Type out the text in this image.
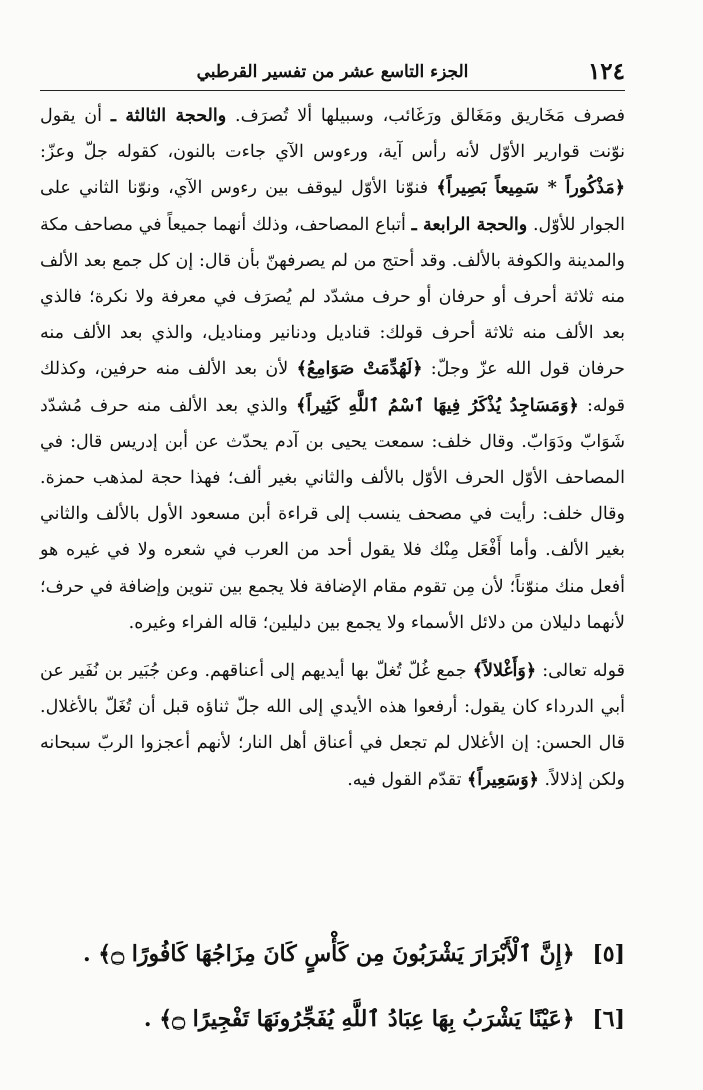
١٢٤
الجزء التاسع عشر من تفسير القرطبي

فصرف مَخَاريق ومَغَالق ورَغَائب، وسبيلها ألا تُصرَف. والحجة الثالثة ـ أن يقول نوّنت قوارير الأوّل لأنه رأس آية، ورءوس الآي جاءت بالنون، كقوله جلّ وعزّ: ﴿مَذْكُوراً * سَمِيعاً بَصِيراً﴾ فنوّنا الأوّل ليوقف بين رءوس الآي، ونوّنا الثاني على الجوار للأوّل. والحجة الرابعة ـ أتباع المصاحف، وذلك أنهما جميعاً في مصاحف مكة والمدينة والكوفة بالألف. وقد أحتج من لم يصرفهنّ بأن قال: إن كل جمع بعد الألف منه ثلاثة أحرف أو حرفان أو حرف مشدّد لم يُصرَف في معرفة ولا نكرة؛ فالذي بعد الألف منه ثلاثة أحرف قولك: قناديل ودنانير ومناديل، والذي بعد الألف منه حرفان قول الله عزّ وجلّ: ﴿لَهُدِّمَتْ صَوَامِعُ﴾ لأن بعد الألف منه حرفين، وكذلك قوله: ﴿وَمَسَاجِدُ يُذْكَرُ فِيهَا ٱسْمُ ٱللَّهِ كَثِيراً﴾ والذي بعد الألف منه حرف مُشدّد شَوَابّ ودَوَابّ. وقال خلف: سمعت يحيى بن آدم يحدّث عن أبن إدريس قال: في المصاحف الأوّل الحرف الأوّل بالألف والثاني بغير ألف؛ فهذا حجة لمذهب حمزة. وقال خلف: رأيت في مصحف ينسب إلى قراءة أبن مسعود الأول بالألف والثاني بغير الألف. وأما أَفْعَل مِنْك فلا يقول أحد من العرب في شعره ولا في غيره هو أفعل منك منوّناً؛ لأن مِن تقوم مقام الإضافة فلا يجمع بين تنوين وإضافة في حرف؛ لأنهما دليلان من دلائل الأسماء ولا يجمع بين دليلين؛ قاله الفراء وغيره.

قوله تعالى: ﴿وَأَغْلالاً﴾ جمع غُلّ تُغلّ بها أيديهم إلى أعناقهم. وعن جُبَير بن نُفَير عن أبي الدرداء كان يقول: أرفعوا هذه الأيدي إلى الله جلّ ثناؤه قبل أن تُغَلّ بالأغلال. قال الحسن: إن الأغلال لم تجعل في أعناق أهل النار؛ لأنهم أعجزوا الربّ سبحانه ولكن إذلالاً. ﴿وَسَعِيراً﴾ تقدّم القول فيه.

[٥] ﴿إِنَّ ٱلْأَبْرَارَ يَشْرَبُونَ مِن كَأْسٍ كَانَ مِزَاجُهَا كَافُورًا ۝﴾ .

[٦] ﴿عَيْنًا يَشْرَبُ بِهَا عِبَادُ ٱللَّهِ يُفَجِّرُونَهَا تَفْجِيرًا ۝﴾ .
